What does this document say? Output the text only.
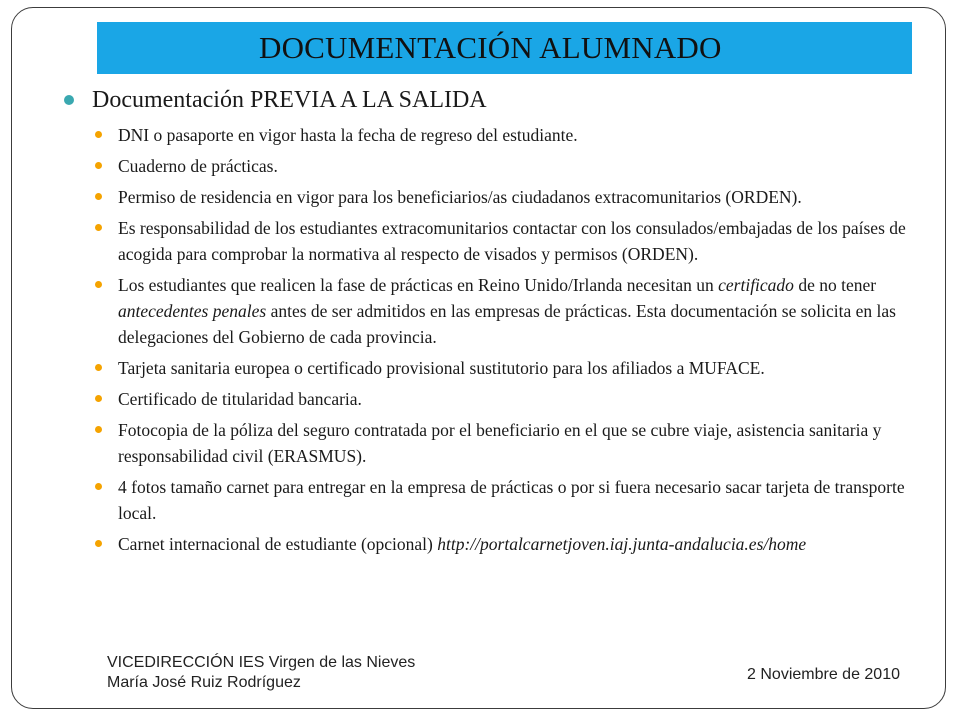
DOCUMENTACIÓN ALUMNADO
Documentación PREVIA A LA SALIDA
DNI o pasaporte en vigor hasta la fecha de regreso del estudiante.
Cuaderno de prácticas.
Permiso de residencia en vigor para los beneficiarios/as ciudadanos extracomunitarios (ORDEN).
Es responsabilidad de los estudiantes extracomunitarios contactar con los consulados/embajadas de los países de acogida para comprobar la normativa al respecto de visados y permisos (ORDEN).
Los estudiantes que realicen la fase de prácticas en Reino Unido/Irlanda necesitan un certificado de no tener antecedentes penales antes de ser admitidos en las empresas de prácticas. Esta documentación se solicita en las delegaciones del Gobierno de cada provincia.
Tarjeta sanitaria europea o certificado provisional sustitutorio para los afiliados a MUFACE.
Certificado de titularidad bancaria.
Fotocopia de la póliza del seguro contratada por el beneficiario en el que se cubre viaje, asistencia sanitaria y responsabilidad civil (ERASMUS).
4 fotos tamaño carnet para entregar en la empresa de prácticas o por si fuera necesario sacar tarjeta de transporte local.
Carnet internacional de estudiante (opcional) http://portalcarnetjoven.iaj.junta-andalucia.es/home
VICEDIRECCIÓN IES Virgen de las Nieves
María José Ruiz Rodríguez	2 Noviembre de 2010
